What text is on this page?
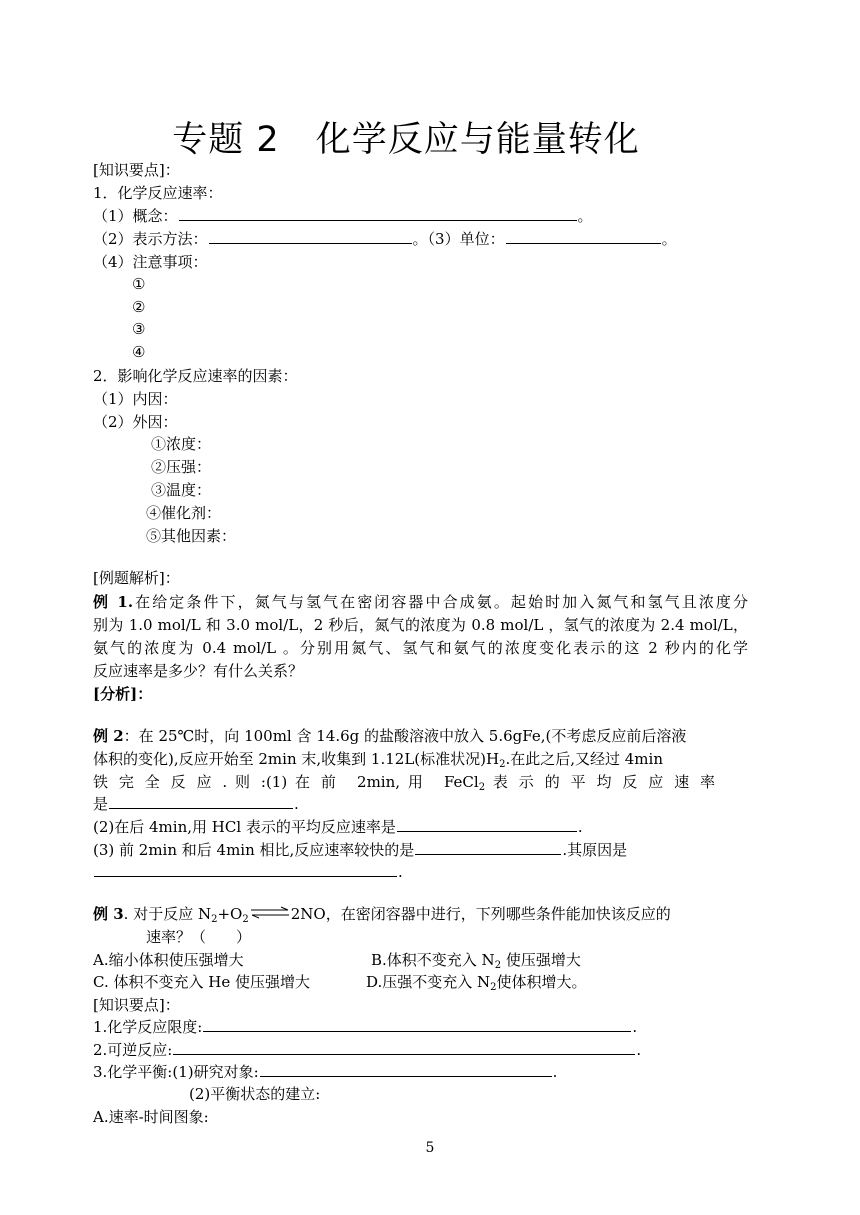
专题 2　化学反应与能量转化
[知识要点]：
1．化学反应速率：
（1）概念：	。
（2）表示方法：	。（3）单位：	。
（4）注意事项：
①
②
③
④
2．影响化学反应速率的因素：
（1）内因：
（2）外因：
①浓度：
②压强：
③温度：
④催化剂：
⑤其他因素：
[例题解析]：
例 1.在给定条件下，氮气与氢气在密闭容器中合成氨。起始时加入氮气和氢气且浓度分
别为 1.0 mol/L 和 3.0 mol/L，2 秒后，氮气的浓度为 0.8 mol/L ，氢气的浓度为 2.4 mol/L，
氨气的浓度为 0.4 mol/L 。分别用氮气、氢气和氨气的浓度变化表示的这 2 秒内的化学
反应速率是多少？有什么关系？
[分析]：
例 2：在 25℃时，向 100ml 含 14.6g 的盐酸溶液中放入 5.6gFe,(不考虑反应前后溶液
体积的变化),反应开始至 2min 末,收集到 1.12L(标准状况)$H_2$.在此之后,又经过 4min
铁 完 全 反 应 . 则 :(1) 在 前　2min, 用　FeCl$_2$ 表 示 的 平 均 反 应 速 率
是	.
(2)在后 4min,用 HCl 表示的平均反应速率是	.
(3) 前 2min 和后 4min 相比,反应速率较快的是	.其原因是
.
例 3. 对于反应 $N_2+O_2$ ⇌2NO，在密闭容器中进行，下列哪些条件能加快该反应的
速率？（　　）
A.缩小体积使压强增大	B.体积不变充入 $N_2$ 使压强增大
C. 体积不变充入 He 使压强增大	D.压强不变充入 $N_2$使体积增大。
[知识要点]：
1.化学反应限度:	.
2.可逆反应:	.
3.化学平衡:(1)研究对象:	.
(2)平衡状态的建立:
A.速率-时间图象:
5
